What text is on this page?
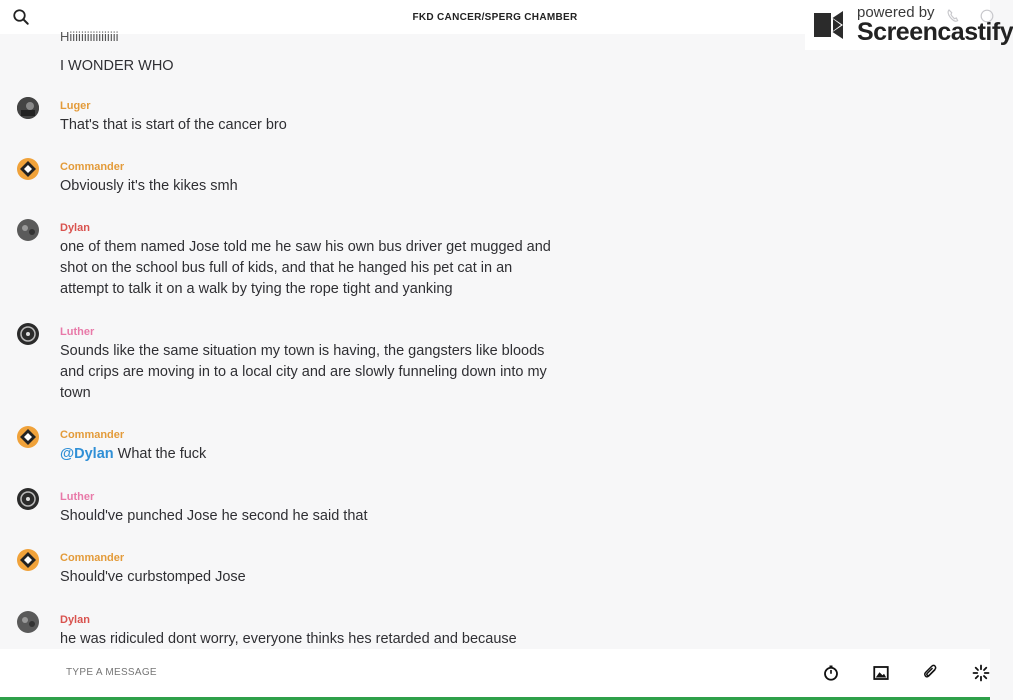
FKD CANCER/SPERG CHAMBER	powered by
Screencastify
Hiiiiiiiiiiiiiiiii
I WONDER WHO
Luger
That's that is start of the cancer bro
Commander
Obviously it's the kikes smh
Dylan
one of them named Jose told me he saw his own bus driver get mugged and
shot on the school bus full of kids, and that he hanged his pet cat in an
attempt to talk it on a walk by tying the rope tight and yanking
Luther
Sounds like the same situation my town is having, the gangsters like bloods
and crips are moving in to a local city and are slowly funneling down into my
town
Commander
@Dylan What the fuck
Luther
Should've punched Jose he second he said that
Commander
Should've curbstomped Jose
Dylan
he was ridiculed dont worry, everyone thinks hes retarded and because
TYPE A MESSAGE
